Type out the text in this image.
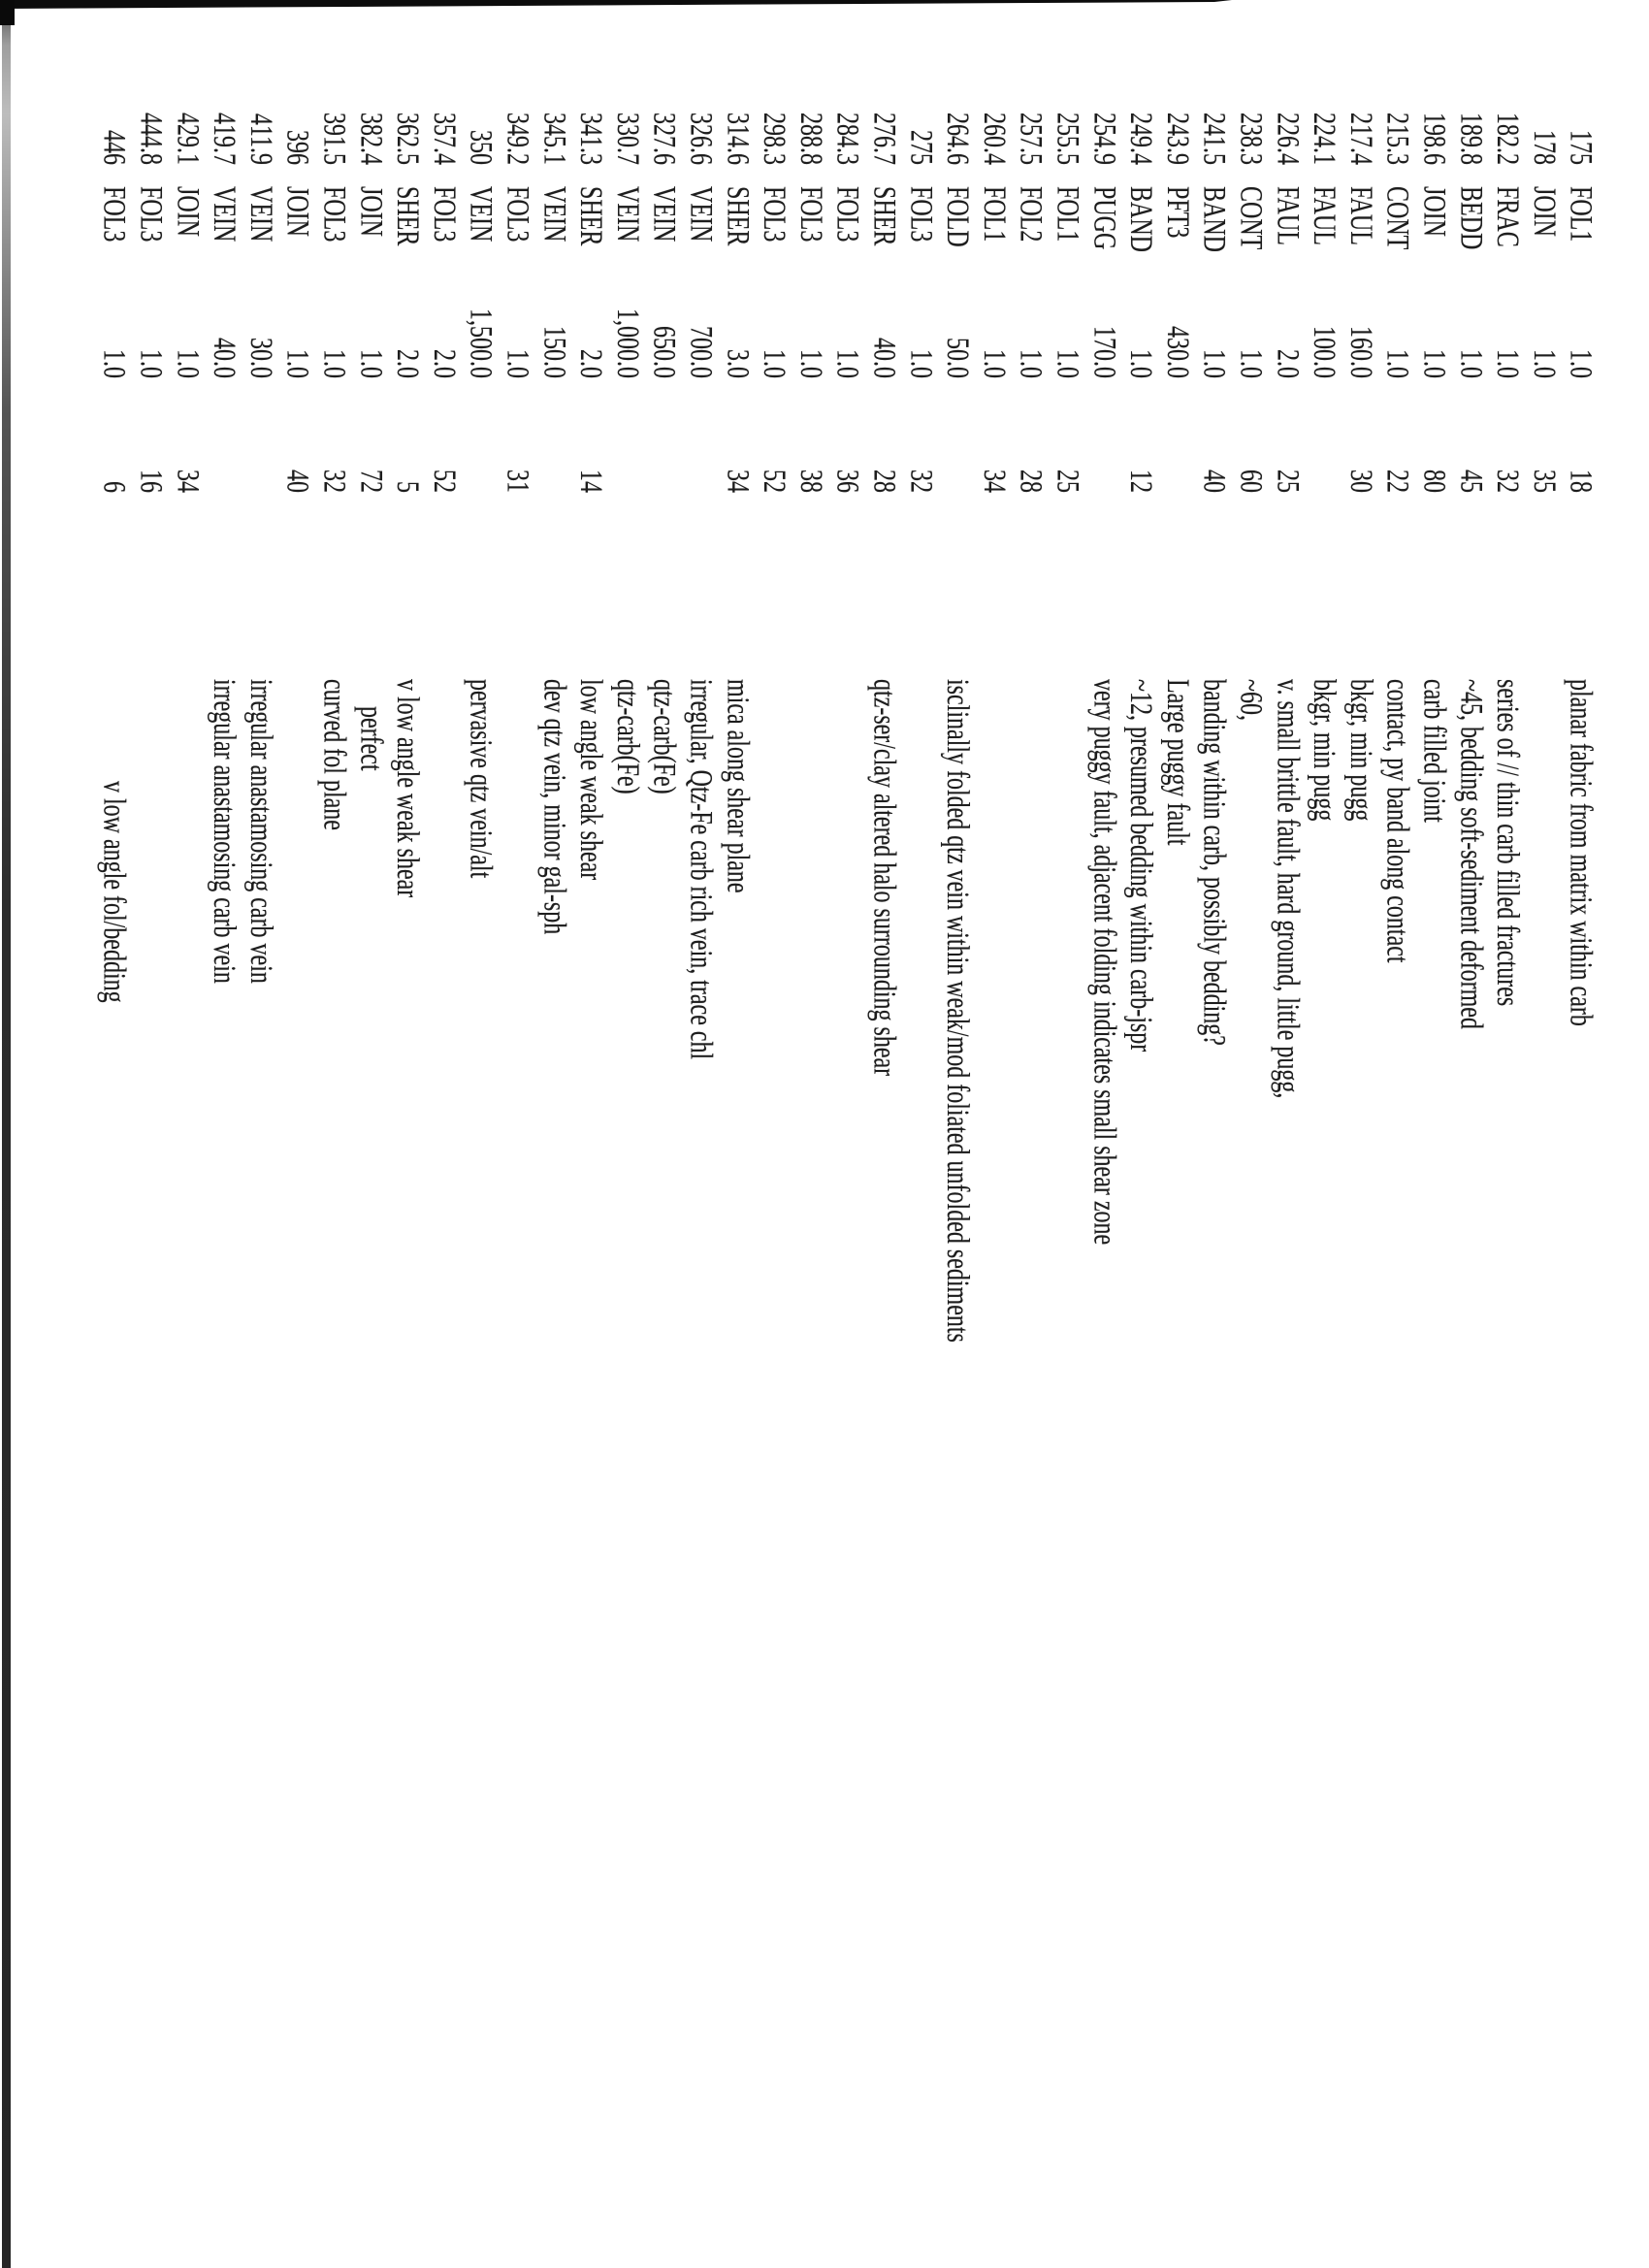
175
FOL1
1.0
18
planar fabric from matrix within carb
178
JOIN
1.0
35
182.2
FRAC
1.0
32
series of // thin carb filled fractures
189.8
BEDD
1.0
45
~45, bedding soft-sediment deformed
198.6
JOIN
1.0
80
carb filled joint
215.3
CONT
1.0
22
contact, py band along contact
217.4
FAUL
160.0
30
bkgr, min pugg
224.1
FAUL
100.0
bkgr, min pugg
226.4
FAUL
2.0
25
v. small brittle fault, hard ground, little pugg,
238.3
CONT
1.0
60
~60,
241.5
BAND
1.0
40
banding within carb, possibly bedding?
243.9
PFT3
430.0
Large puggy fault
249.4
BAND
1.0
12
~12, presumed bedding within carb-jspr
254.9
PUGG
170.0
very puggy fault, adjacent folding indicates small shear zone
255.5
FOL1
1.0
25
257.5
FOL2
1.0
28
260.4
FOL1
1.0
34
264.6
FOLD
50.0
isclinally folded qtz vein within weak/mod foliated unfolded sediments
275
FOL3
1.0
32
276.7
SHER
40.0
28
qtz-ser/clay altered halo surrounding shear
284.3
FOL3
1.0
36
288.8
FOL3
1.0
38
298.3
FOL3
1.0
52
314.6
SHER
3.0
34
mica along shear plane
326.6
VEIN
700.0
irregular, Qtz-Fe carb rich vein, trace chl
327.6
VEIN
650.0
qtz-carb(Fe)
330.7
VEIN
1,000.0
qtz-carb(Fe)
341.3
SHER
2.0
14
low angle weak shear
345.1
VEIN
150.0
dev qtz vein, minor gal-sph
349.2
FOL3
1.0
31
350
VEIN
1,500.0
pervasive qtz vein/alt
357.4
FOL3
2.0
52
362.5
SHER
2.0
5
v low angle weak shear
382.4
JOIN
1.0
72
perfect
391.5
FOL3
1.0
32
curved fol plane
396
JOIN
1.0
40
411.9
VEIN
30.0
irregular anastamosing carb vein
419.7
VEIN
40.0
irregular anastamosing carb vein
429.1
JOIN
1.0
34
444.8
FOL3
1.0
16
446
FOL3
1.0
6
v low angle fol/bedding
